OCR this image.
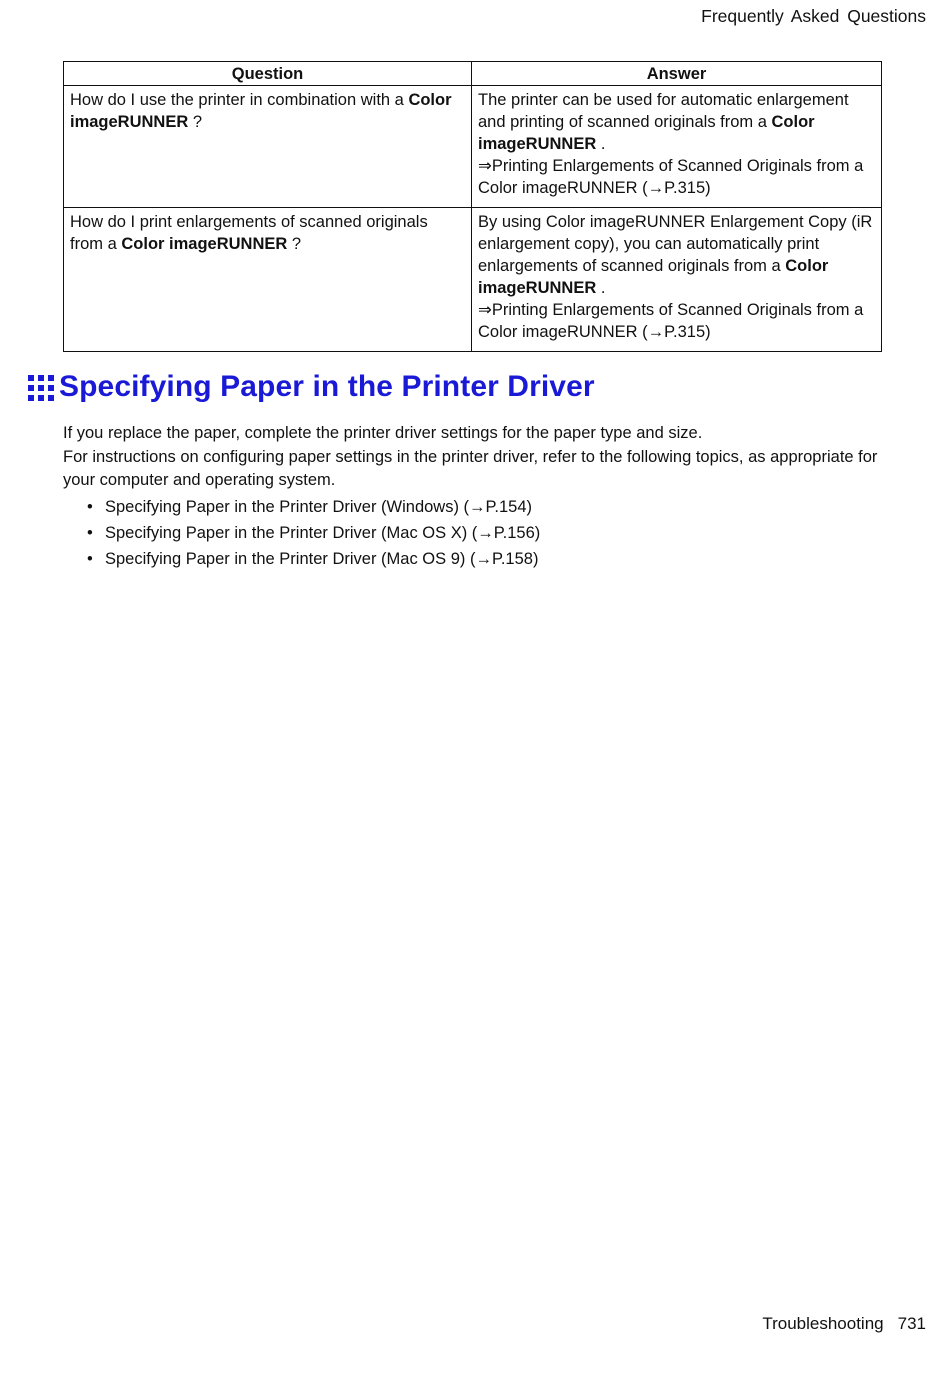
Frequently Asked Questions
Question	Answer
How do I use the printer in combination with a Color imageRUNNER ?	The printer can be used for automatic enlargement and printing of scanned originals from a Color imageRUNNER .
⇒Printing Enlargements of Scanned Originals from a Color imageRUNNER (→P.315)
How do I print enlargements of scanned originals from a Color imageRUNNER ?	By using Color imageRUNNER Enlargement Copy (iR enlargement copy), you can automatically print enlargements of scanned originals from a Color imageRUNNER .
⇒Printing Enlargements of Scanned Originals from a Color imageRUNNER (→P.315)
Specifying Paper in the Printer Driver

If you replace the paper, complete the printer driver settings for the paper type and size.

For instructions on configuring paper settings in the printer driver, refer to the following topics, as appropriate for your computer and operating system.

• Specifying Paper in the Printer Driver (Windows) (→P.154)
• Specifying Paper in the Printer Driver (Mac OS X) (→P.156)
• Specifying Paper in the Printer Driver (Mac OS 9) (→P.158)
Troubleshooting 731
